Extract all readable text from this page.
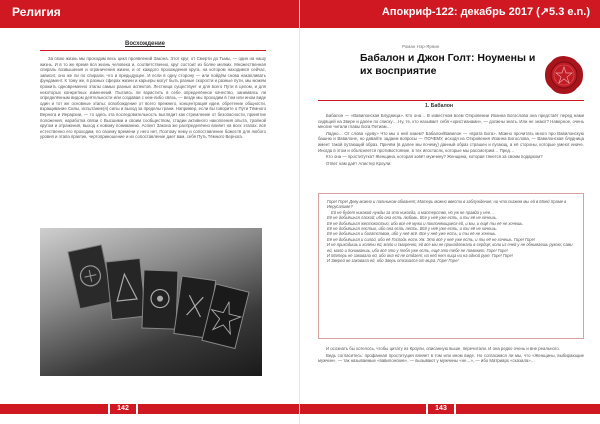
Религия
Восхождение

За свою жизнь мы проходим весь цикл проявлений Закона. Этот круг, от Смерти до Тьмы, — один на нашу жизнь. И в то же время вся жизнь человека и, соответственно, круг состоит из более мелких. Множественная спираль возвышения и ограничения жизни, и от каждого прохождения круга, на котором находимся сейчас, зависит, оно же ли по спирали, что и предыдущее. И если в одну сторону — или пойдём снова накапливать фундамент. К тому же, в разных сферах жизни и карьеры могут быть разные скорости и разные пути, мы можем прожить одновременно этапы самых разных аспектов. Лестница существует и для всего Пути в целом, и для некоторых конкретных изменений. Пытаясь ли взрастить в себе определённое качество, занимаясь ли определённым видом деятельности или создавая с кем-либо связь, — везде мы проходим в том или ином виде один и тот же основные этапы: освобождение от всего прежнего, концентрация идеи, обретение общности, взращивание Силы, испытание(я) силы и выход за пределы грани. Например, если вы говорите о Пути Тёмного Вернога и Иерархии, — то здесь эта последовательность выглядит как стремление от безопасности, принятие положения, наработка связи с Высшими и своим сообществом, стадии активного накопления опыта, тройной кругом и отражения, выход к новому пониманию. Аспект Закона же распределённо влияет на всех этапах: всё естественно его проходим, по своему времени у него нет. Поэтому нему и сопоставление божеств для любого уровня и этапа практик, чертоприношение и их сопоставление дает вам, себя Путь Тёмного Вернога.

142
Апокриф-122: декабрь 2017 (↗5.3 e.n.)
Роман Нэр-Ярвин
Бабалон и Джон Голт: Ноумены и их восприятие
1. Бабалон

Бабалон — «Вавилонская Блудница». Кто она… В известном всем Откровении Иоанна Богослова она предстаёт перед нами сидящей на Звере и далее по списку… Ну, те, кто называет себя «христианами», — должны знать. Или не знают? Наверное, очень многие читали главы Бога Петиам…

Ладно… От слова «деву» Что мы о ней знаем? Бабалон/Вавилон — «врата Бога». Можно прочитать много про Вавилонскую башню и Вавилоне, но давайте задаем вопросы — ПОЧЕМУ, исходя из Откровения Иоанна Богослова, — Вавилонская блудница имеет такой путающий образ. Причём (в далее мы почему) данный образ страшен и пугающ, а её стороны, которые умеют иначе. Иногда в этом и объясняется противостояние, в тех ипостасях, которые мы рассмотрим… Пред…

Кто она — проститутка? Женщина, которая зовёт мужчину? Женщина, которая тянется за своим подарком?

Ответ нам даёт Алистер Кроули:

Горе! Горе! Деву можно и пальчиком обманет; Матерь можно ввести в заблуждение; но что скажем мы ей в Моей Храме в Иерусалиме?
Ей не будет никакой нужды за это никогда, и мастерство, но уж не правда у нее…
Её не добьёшься лаской; ибо она есть любовь. Все у неё уже есть, и ты её не хочешь.
Её не добьёшься жестокостью; ибо все её мужи и поклоняющиеся ей, и мы, и ещё ты её не хочешь.
Её не добьёшься лестью, ибо она есть лесть. Всё у неё уже есть, и ты её не хочешь.
Её не добьёшься и богатством, ибо у неё всё. Все у неё уже есть, и ты её не хочешь.
Её не добьёшься и силой, ибо её Господь есть Ум. Это всё у неё уже есть, и ты её не хочешь. Горе! Горе!
И не приходишь и колени ей, мало и смиренно; ей все мы не принадлежали в сердце; коли из очей у не обнимаешь рукою; сами ей, мало и понимаешь, ибо всё это у тебя уже есть, ещё это тебе не поможет. Горе! Горе!
И Матерь не заковала ей, ибо она ей не отдает; на ней нет лица ни на одной руке. Горе! Горе!
И Зверей не заковала ей, ибо Зверь отказался от мира. Горе! Горе!

И осознать бы хотелось, чтобы цитату из Кроули, описанную выше, перечитали. И она редко очень и вне реального.

Ведь согласитесь: профанная проституция влияет в том или ином виде. Но согласимся ли мы, что «Женщины, выбирающие мужчин», — так называемые «вавилонские», — вызывают у мужчины «не…», — ибо Матриарх «сказала»…

143
